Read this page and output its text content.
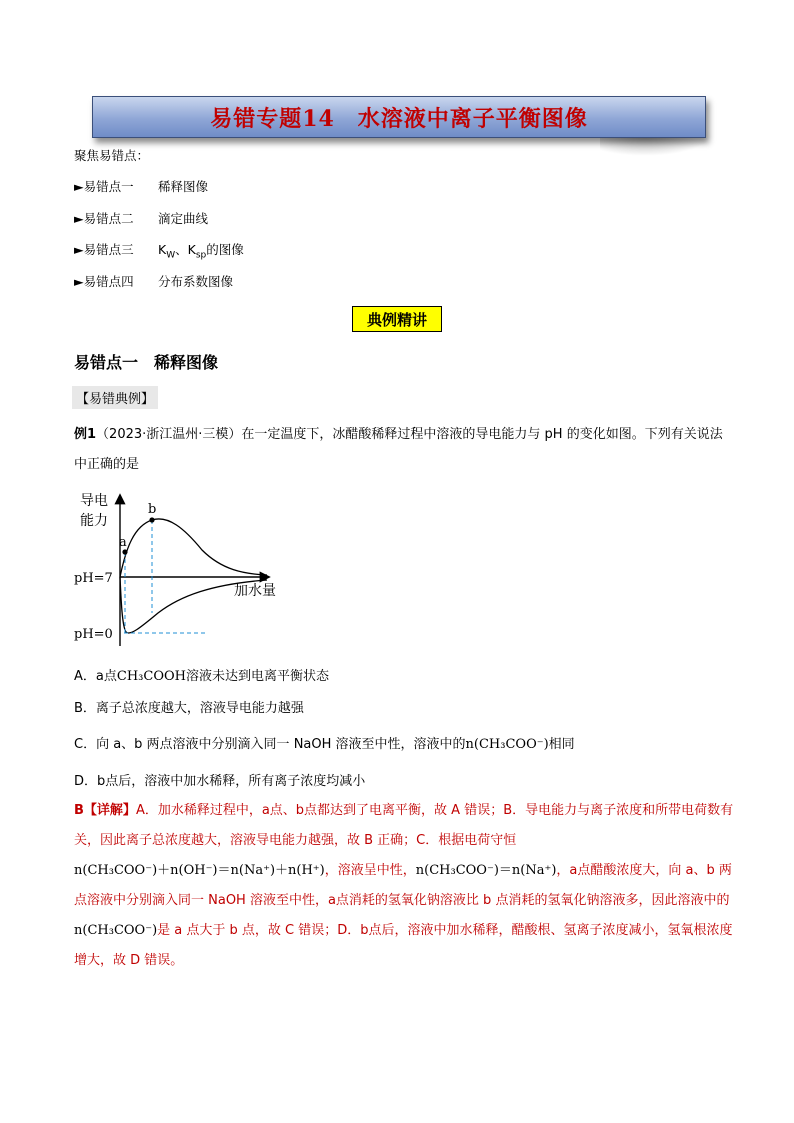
易错专题14　水溶液中离子平衡图像
聚焦易错点：
►易错点一 稀释图像
►易错点二 滴定曲线
►易错点三 $K_W$、$K_{sp}$的图像
►易错点四 分布系数图像
典例精讲
易错点一　稀释图像
【易错典例】
例1（2023·浙江温州·三模）在一定温度下，冰醋酸稀释过程中溶液的导电能力与 pH 的变化如图。下列有关说法中正确的是
a
b
导电
能力
pH=7
pH=0
加水量
A．a点CH₃COOH溶液未达到电离平衡状态
B．离子总浓度越大，溶液导电能力越强
C．向 a、b 两点溶液中分别滴入同一 NaOH 溶液至中性，溶液中的n(CH₃COO⁻)相同
D．b点后，溶液中加水稀释，所有离子浓度均减小
B【详解】A．加水稀释过程中，a点、b点都达到了电离平衡，故 A 错误；B．导电能力与离子浓度和所带电荷数有关，因此离子总浓度越大，溶液导电能力越强，故 B 正确；C．根据电荷守恒
n(CH₃COO⁻)＋n(OH⁻)＝n(Na⁺)＋n(H⁺)，溶液呈中性，n(CH₃COO⁻)＝n(Na⁺)，a点醋酸浓度大，向 a、b 两点溶液中分别滴入同一 NaOH 溶液至中性，a点消耗的氢氧化钠溶液比 b 点消耗的氢氧化钠溶液多，因此溶液中的n(CH₃COO⁻)是 a 点大于 b 点，故 C 错误；D．b点后，溶液中加水稀释，醋酸根、氢离子浓度减小，氢氧根浓度增大，故 D 错误。
